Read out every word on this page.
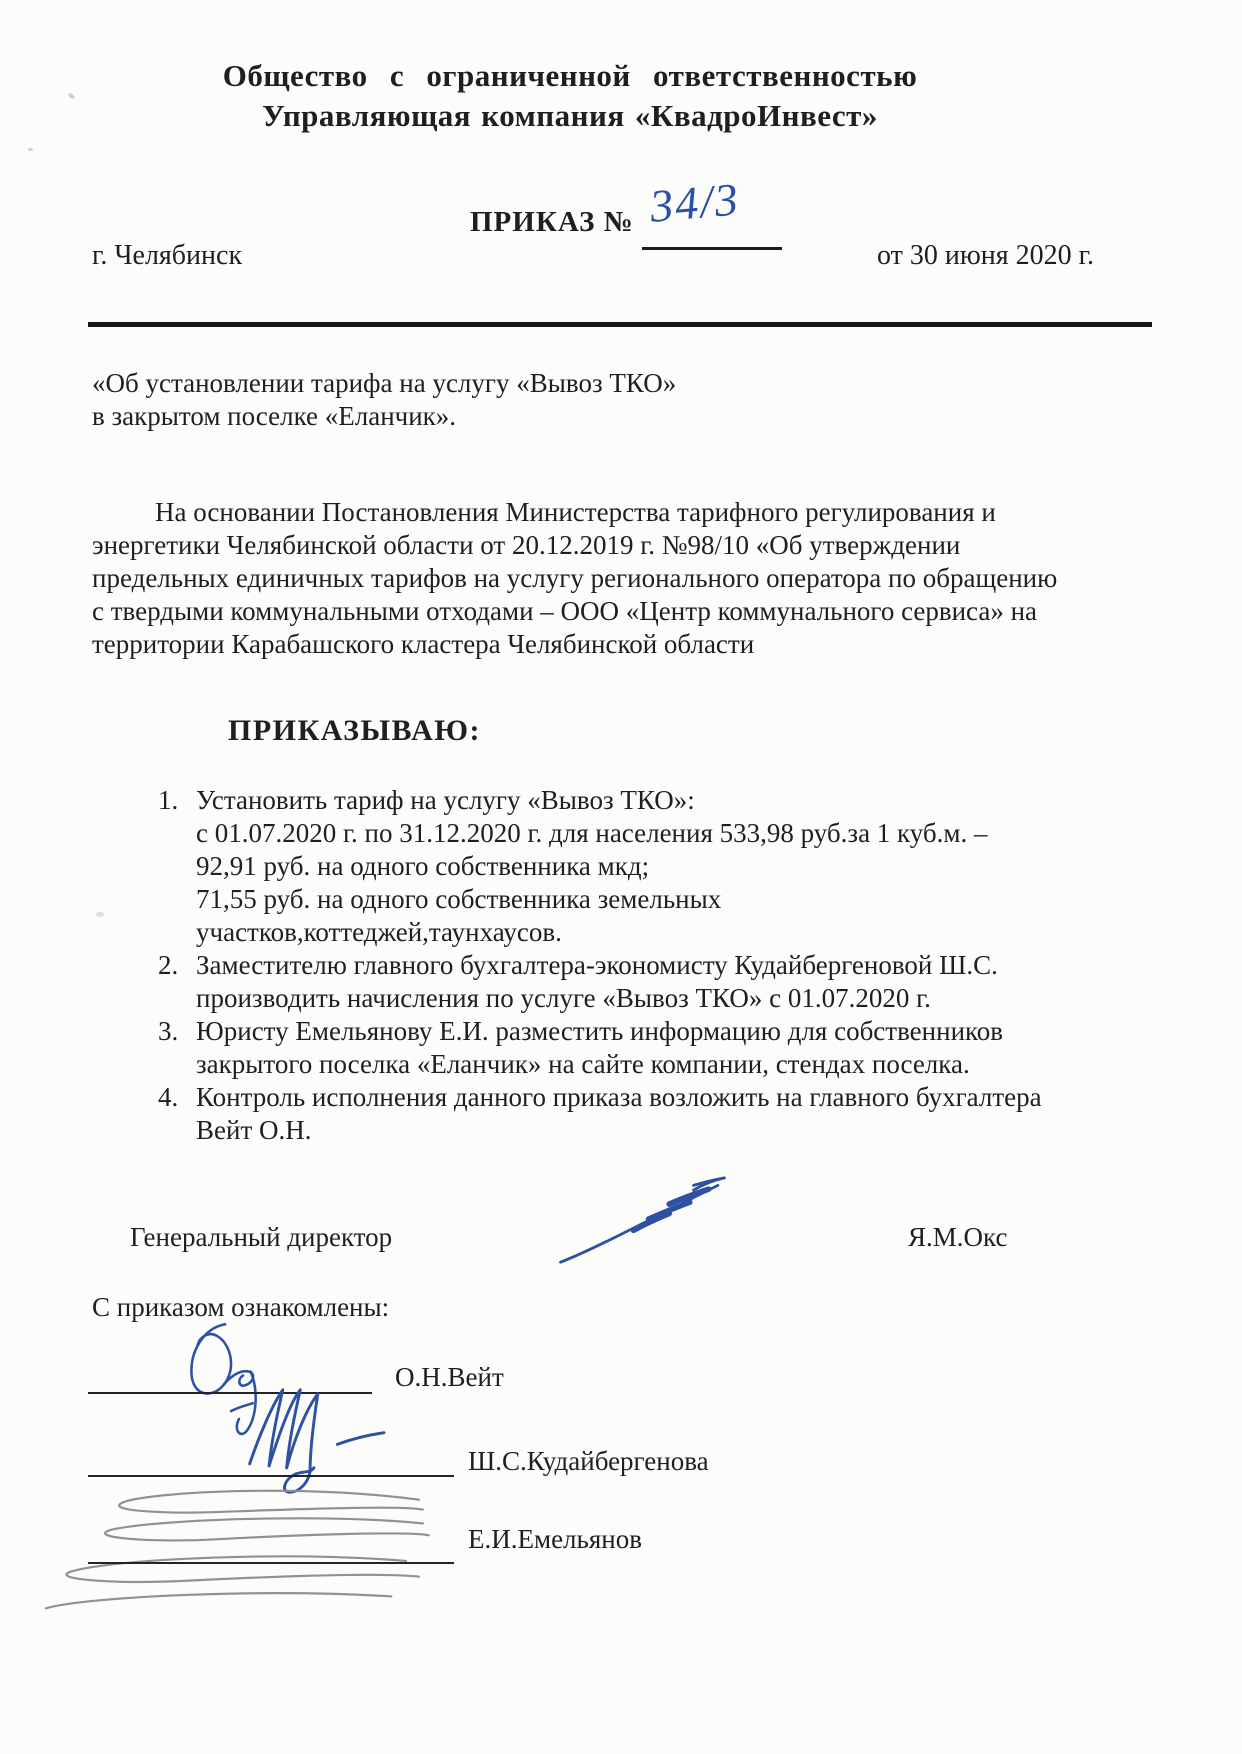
Общество с ограниченной ответственностью
Управляющая компания «КвадроИнвест»
ПРИКАЗ № 34/3
г. Челябинск	от 30 июня 2020 г.
«Об установлении тарифа на услугу «Вывоз ТКО»
в закрытом поселке «Еланчик».
На основании Постановления Министерства тарифного регулирования и
энергетики Челябинской области от 20.12.2019 г. №98/10 «Об утверждении
предельных единичных тарифов на услугу регионального оператора по обращению
с твердыми коммунальными отходами – ООО «Центр коммунального сервиса» на
территории Карабашского кластера Челябинской области
ПРИКАЗЫВАЮ:
1. Установить тариф на услугу «Вывоз ТКО»:
с 01.07.2020 г. по 31.12.2020 г. для населения 533,98 руб.за 1 куб.м. –
92,91 руб. на одного собственника мкд;
71,55 руб. на одного собственника земельных
участков,коттеджей,таунхаусов.
2. Заместителю главного бухгалтера-экономисту Кудайбергеновой Ш.С.
производить начисления по услуге «Вывоз ТКО» с 01.07.2020 г.
3. Юристу Емельянову Е.И. разместить информацию для собственников
закрытого поселка «Еланчик» на сайте компании, стендах поселка.
4. Контроль исполнения данного приказа возложить на главного бухгалтера
Вейт О.Н.
Генеральный директор	Я.М.Окс
С приказом ознакомлены:
О.Н.Вейт
Ш.С.Кудайбергенова
Е.И.Емельянов
